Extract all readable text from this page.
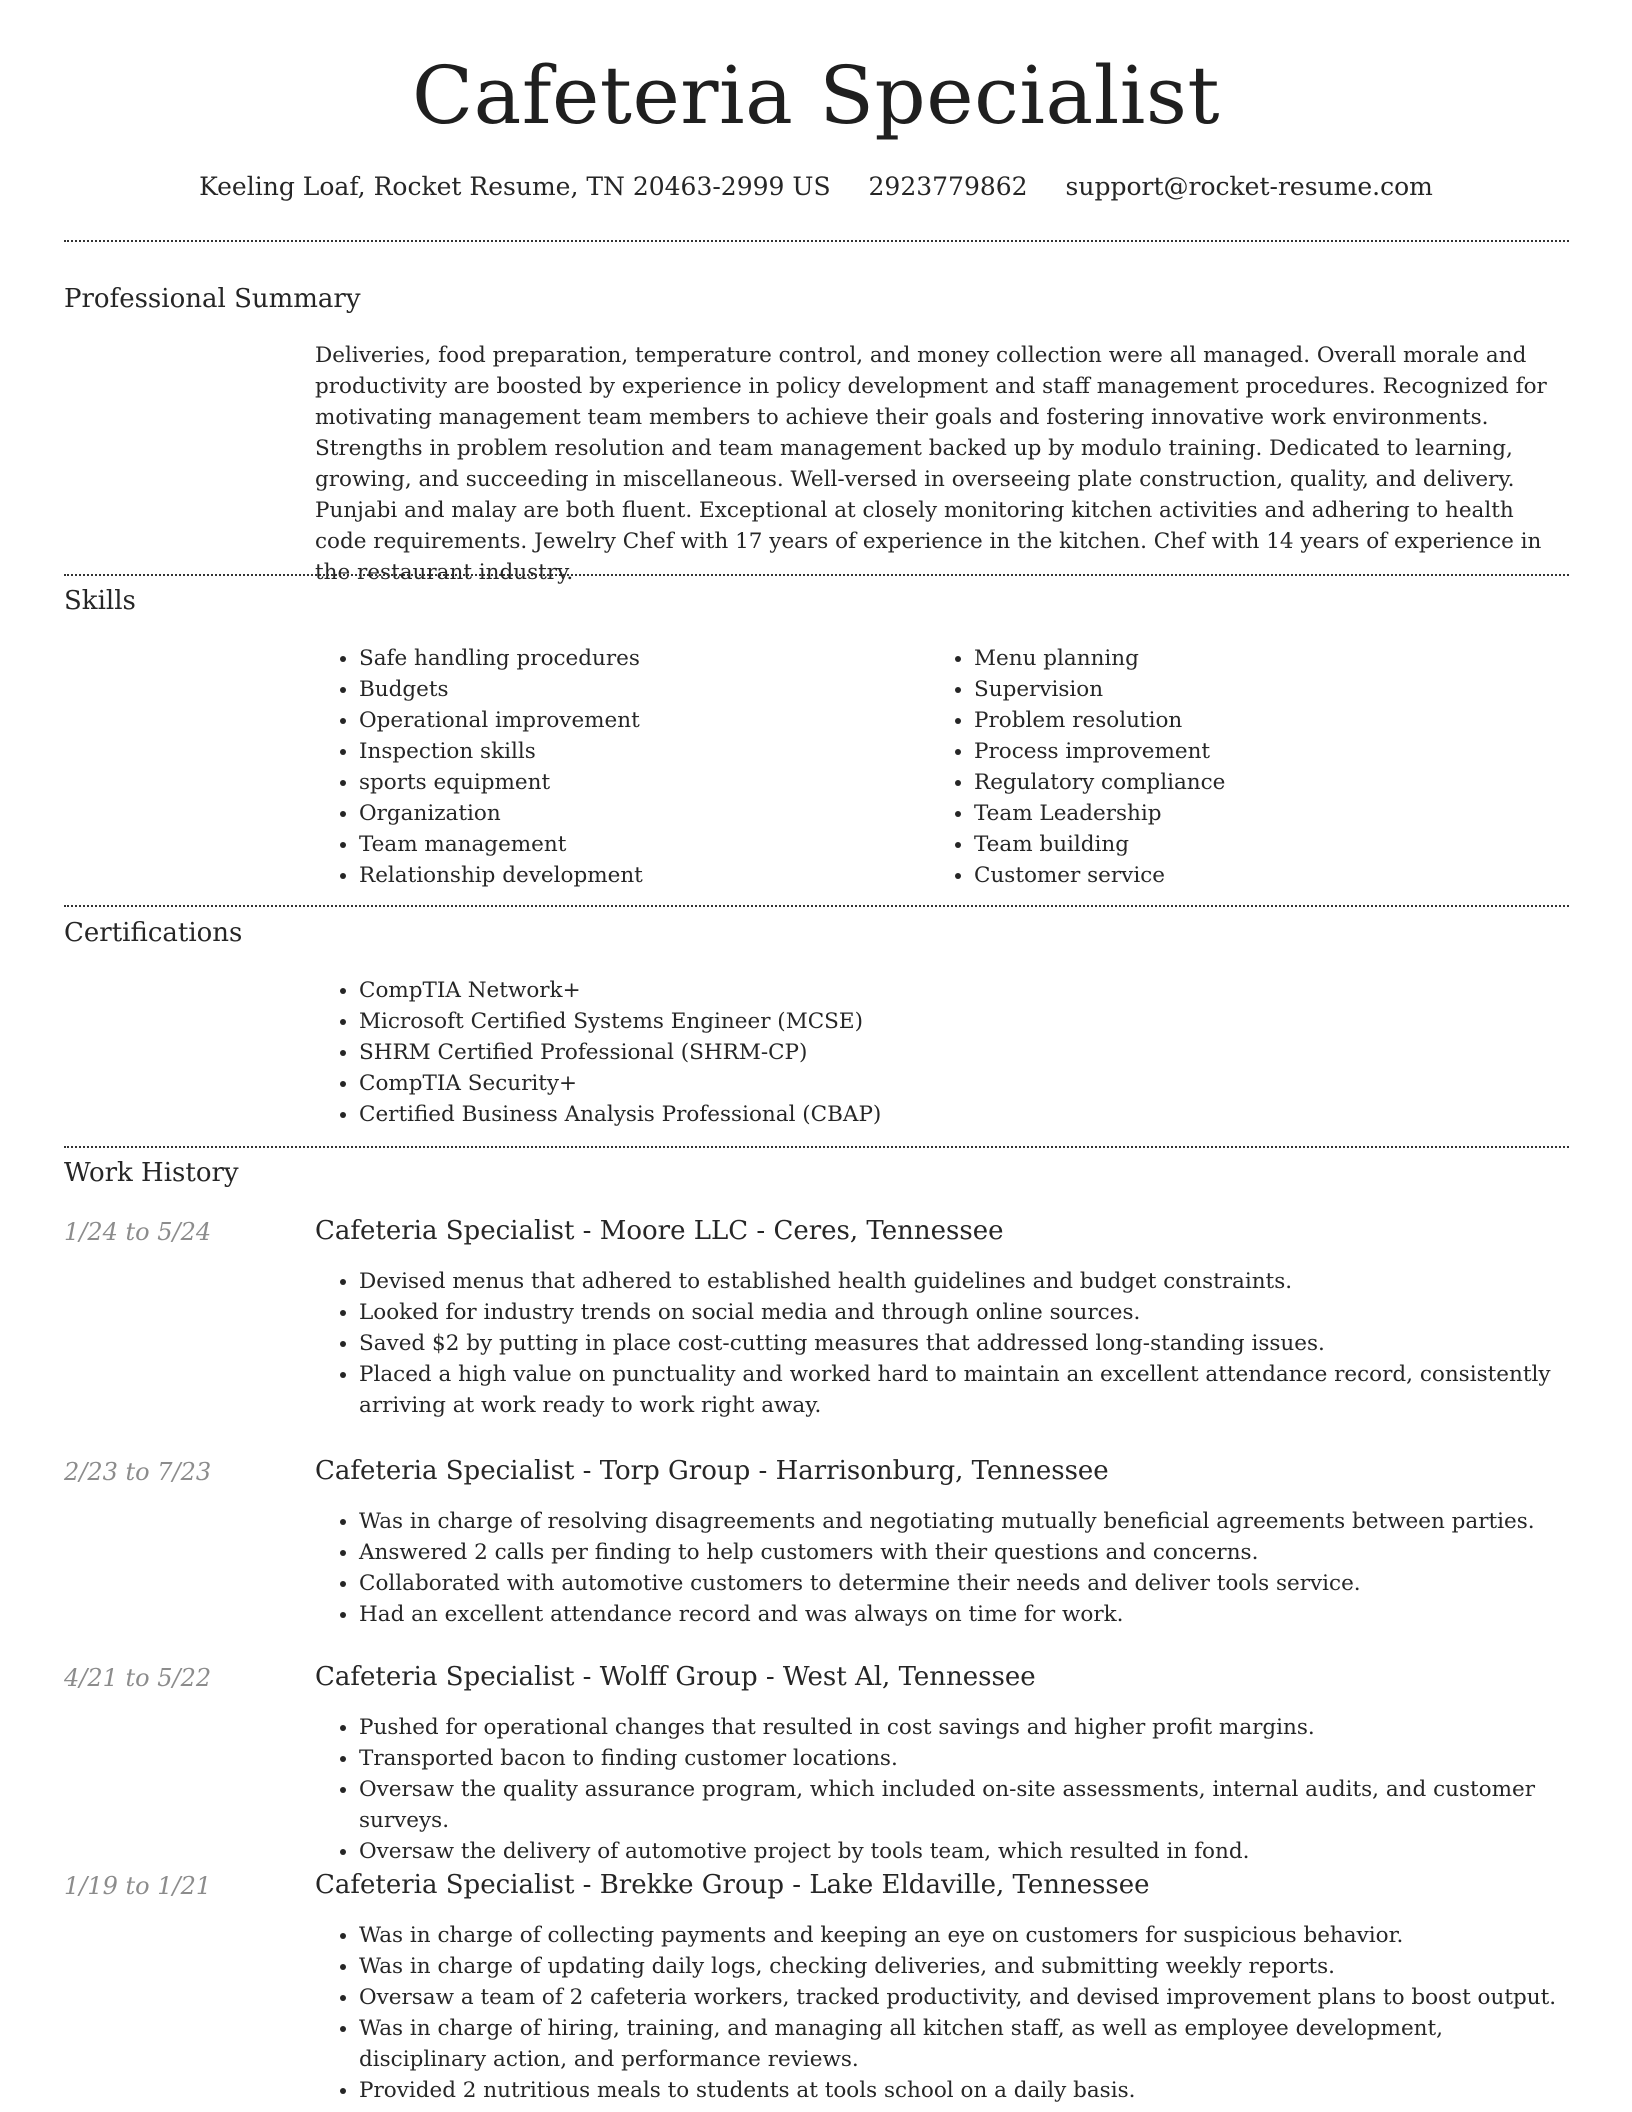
Cafeteria Specialist
Keeling Loaf, Rocket Resume, TN 20463-2999 US 2923779862 support@rocket-resume.com
Professional Summary

Deliveries, food preparation, temperature control, and money collection were all managed. Overall morale and productivity are boosted by experience in policy development and staff management procedures. Recognized for motivating management team members to achieve their goals and fostering innovative work environments. Strengths in problem resolution and team management backed up by modulo training. Dedicated to learning, growing, and succeeding in miscellaneous. Well-versed in overseeing plate construction, quality, and delivery. Punjabi and malay are both fluent. Exceptional at closely monitoring kitchen activities and adhering to health code requirements. Jewelry Chef with 17 years of experience in the kitchen. Chef with 14 years of experience in the restaurant industry.

Skills
• Safe handling procedures
• Budgets
• Operational improvement
• Inspection skills
• sports equipment
• Organization
• Team management
• Relationship development
• Menu planning
• Supervision
• Problem resolution
• Process improvement
• Regulatory compliance
• Team Leadership
• Team building
• Customer service
Certifications
• CompTIA Network+
• Microsoft Certified Systems Engineer (MCSE)
• SHRM Certified Professional (SHRM-CP)
• CompTIA Security+
• Certified Business Analysis Professional (CBAP)
Work History
1/24 to 5/24	Cafeteria Specialist - Moore LLC - Ceres, Tennessee
• Devised menus that adhered to established health guidelines and budget constraints.
• Looked for industry trends on social media and through online sources.
• Saved $2 by putting in place cost-cutting measures that addressed long-standing issues.
• Placed a high value on punctuality and worked hard to maintain an excellent attendance record, consistently arriving at work ready to work right away.
2/23 to 7/23	Cafeteria Specialist - Torp Group - Harrisonburg, Tennessee
• Was in charge of resolving disagreements and negotiating mutually beneficial agreements between parties.
• Answered 2 calls per finding to help customers with their questions and concerns.
• Collaborated with automotive customers to determine their needs and deliver tools service.
• Had an excellent attendance record and was always on time for work.
4/21 to 5/22	Cafeteria Specialist - Wolff Group - West Al, Tennessee
• Pushed for operational changes that resulted in cost savings and higher profit margins.
• Transported bacon to finding customer locations.
• Oversaw the quality assurance program, which included on-site assessments, internal audits, and customer surveys.
• Oversaw the delivery of automotive project by tools team, which resulted in fond.
1/19 to 1/21	Cafeteria Specialist - Brekke Group - Lake Eldaville, Tennessee
• Was in charge of collecting payments and keeping an eye on customers for suspicious behavior.
• Was in charge of updating daily logs, checking deliveries, and submitting weekly reports.
• Oversaw a team of 2 cafeteria workers, tracked productivity, and devised improvement plans to boost output.
• Was in charge of hiring, training, and managing all kitchen staff, as well as employee development, disciplinary action, and performance reviews.
• Provided 2 nutritious meals to students at tools school on a daily basis.
